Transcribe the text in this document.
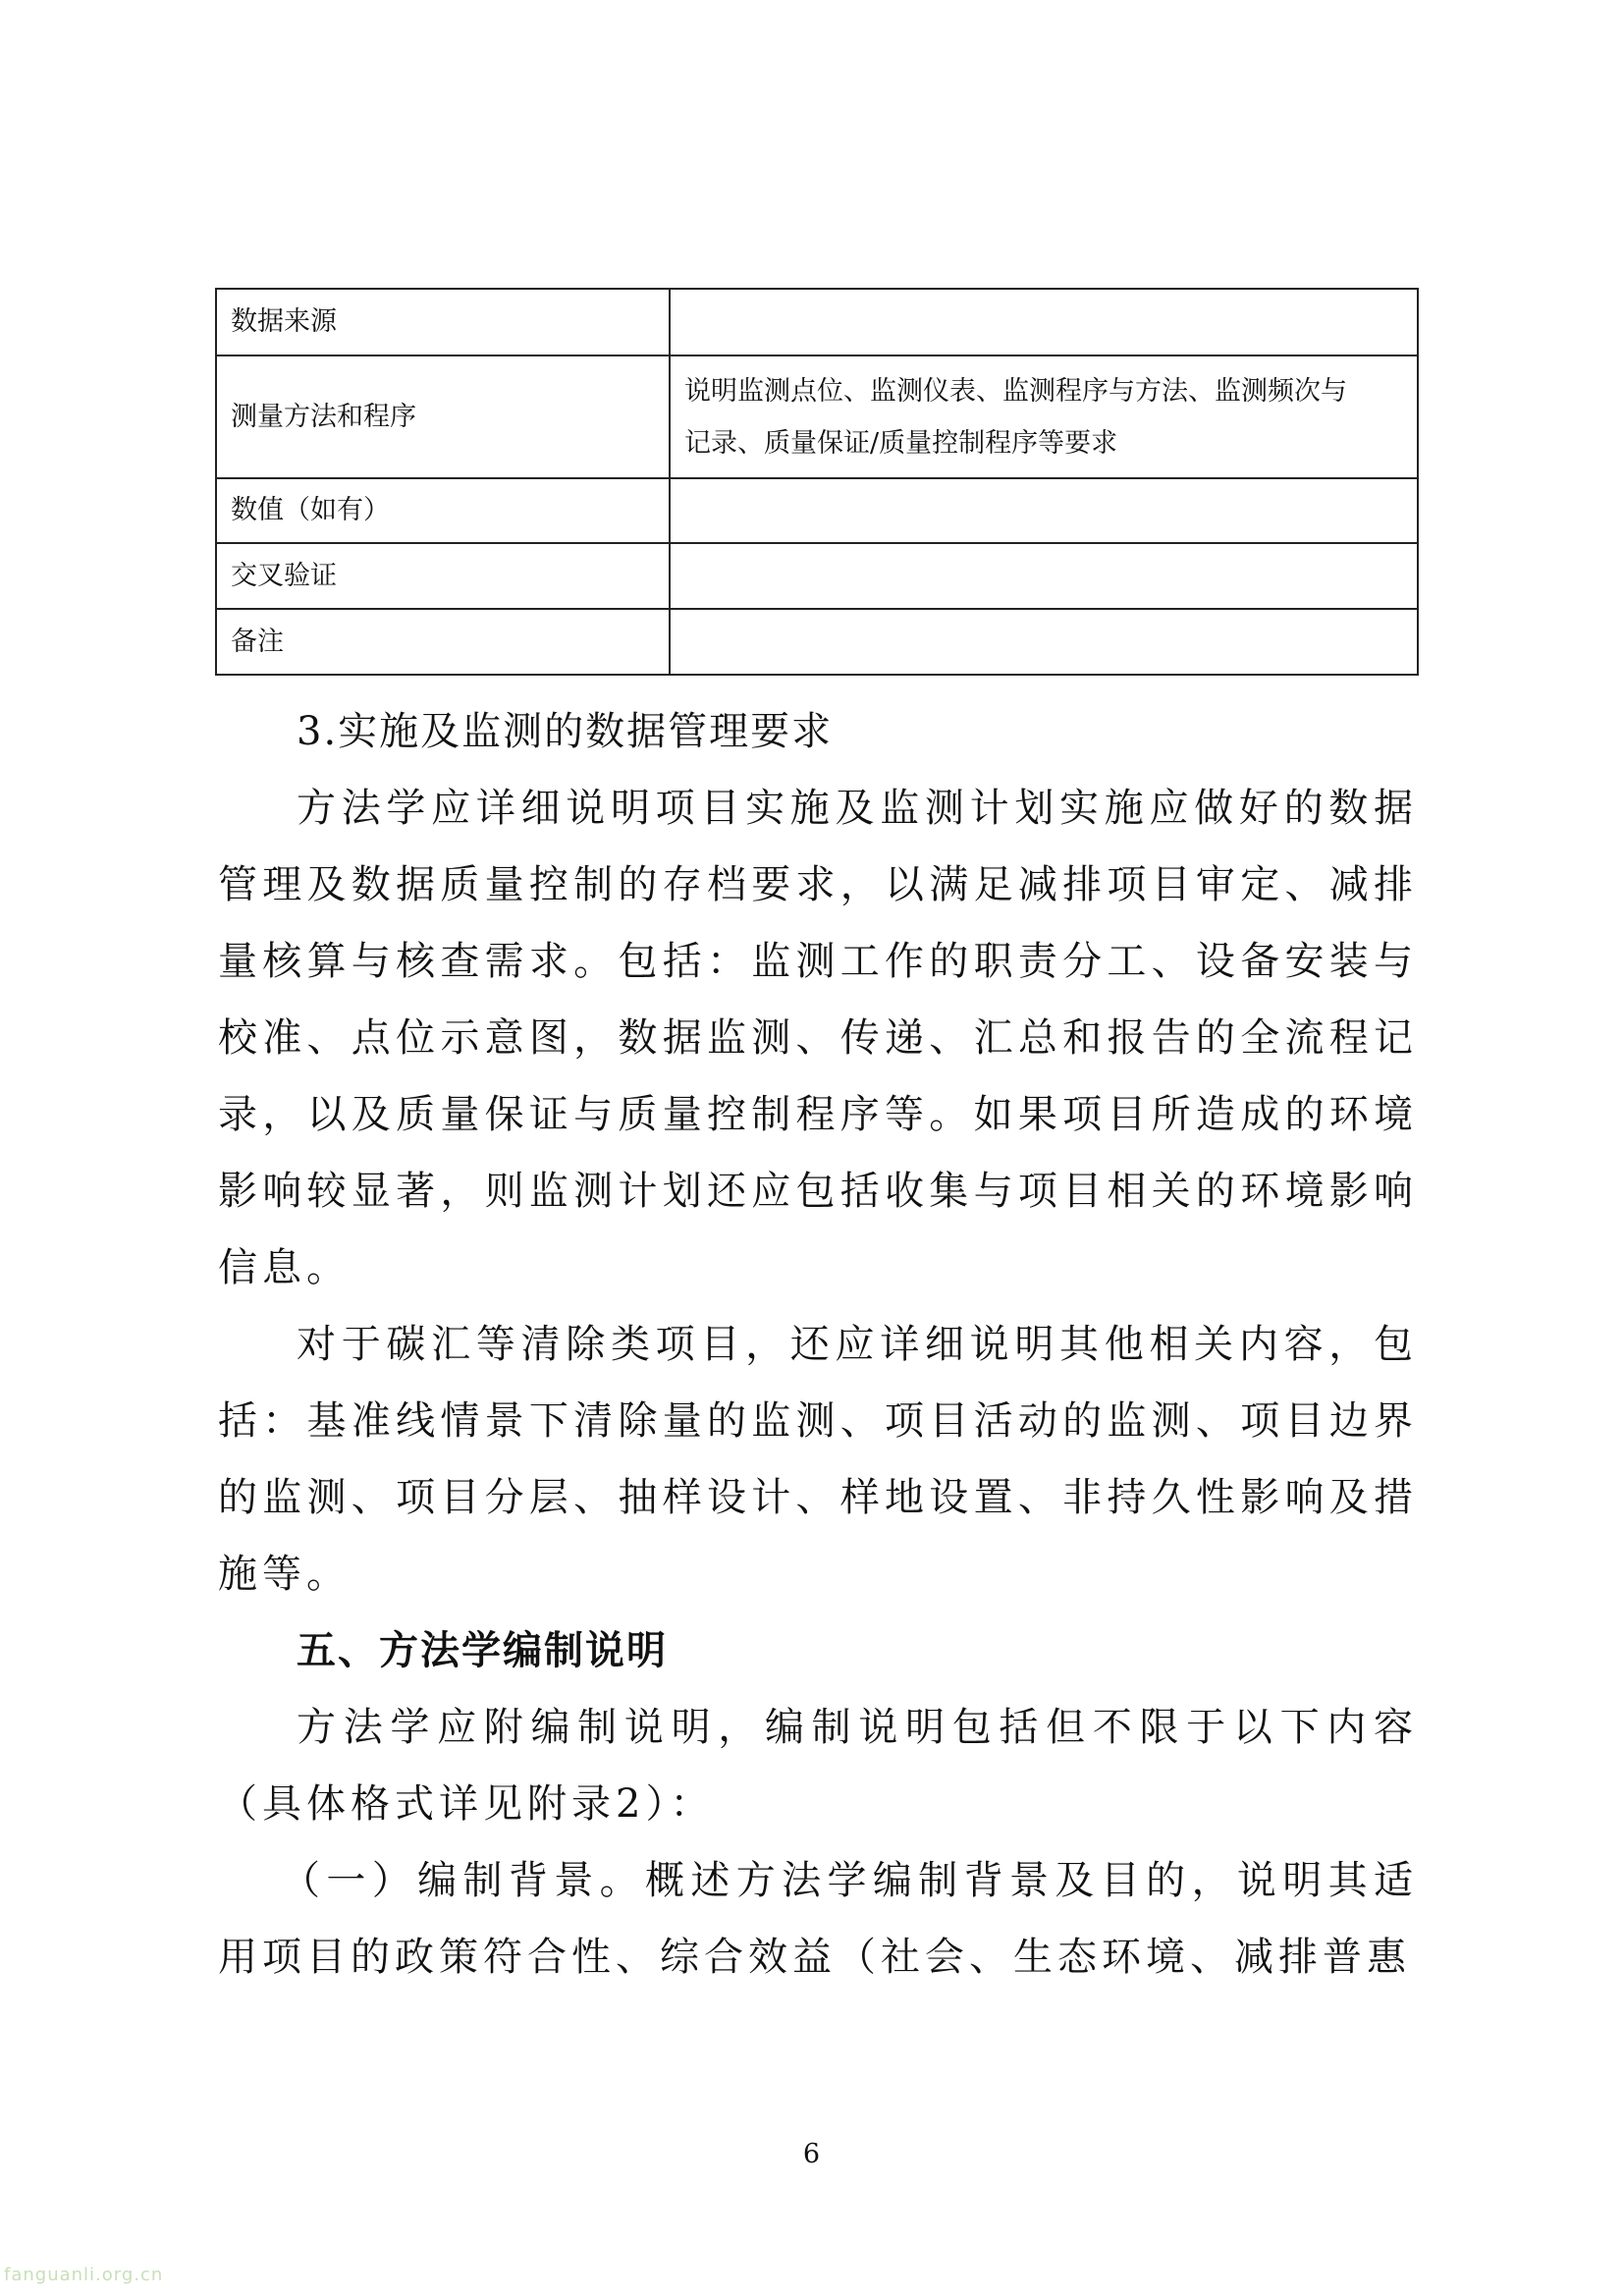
数据来源	
测量方法和程序	说明监测点位、监测仪表、监测程序与方法、监测频次与
记录、质量保证/质量控制程序等要求

数值（如有）	
交叉验证	
备注	
3.实施及监测的数据管理要求

方法学应详细说明项目实施及监测计划实施应做好的数据管理及数据质量控制的存档要求，以满足减排项目审定、减排量核算与核查需求。包括：监测工作的职责分工、设备安装与校准、点位示意图，数据监测、传递、汇总和报告的全流程记录，以及质量保证与质量控制程序等。如果项目所造成的环境影响较显著，则监测计划还应包括收集与项目相关的环境影响信息。

对于碳汇等清除类项目，还应详细说明其他相关内容，包括：基准线情景下清除量的监测、项目活动的监测、项目边界的监测、项目分层、抽样设计、样地设置、非持久性影响及措施等。

五、方法学编制说明

方法学应附编制说明，编制说明包括但不限于以下内容（具体格式详见附录2）：

（一）编制背景。概述方法学编制背景及目的，说明其适用项目的政策符合性、综合效益（社会、生态环境、减排普惠

6
fanguanli.org.cn
